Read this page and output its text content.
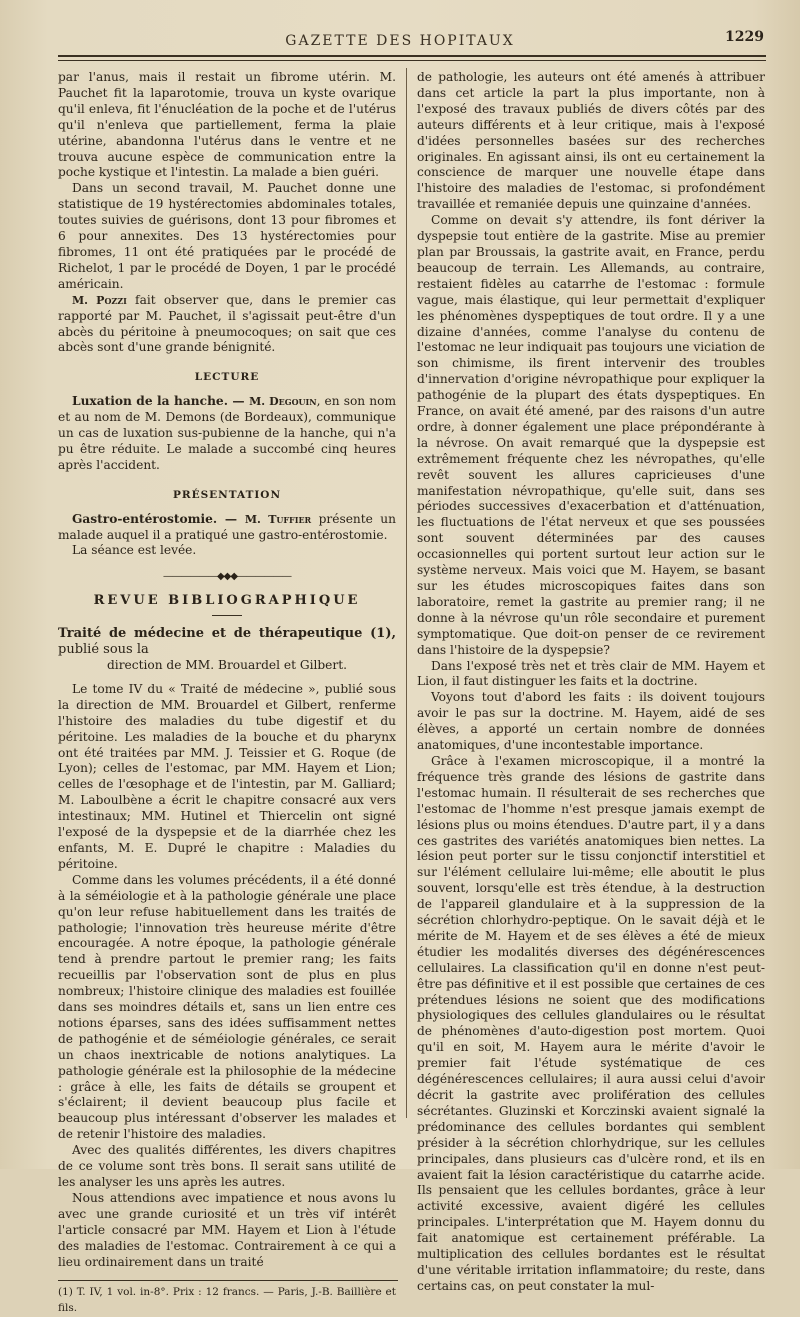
GAZETTE DES HOPITAUX	1229

par l'anus, mais il restait un fibrome utérin. M. Pauchet fit la laparotomie, trouva un kyste ovarique qu'il enleva, fit l'énucléation de la poche et de l'utérus qu'il n'enleva que partiellement, ferma la plaie utérine, abandonna l'utérus dans le ventre et ne trouva aucune espèce de communication entre la poche kystique et l'intestin. La malade a bien guéri.

Dans un second travail, M. Pauchet donne une statistique de 19 hystérectomies abdominales totales, toutes suivies de guérisons, dont 13 pour fibromes et 6 pour annexites. Des 13 hystérectomies pour fibromes, 11 ont été pratiquées par le procédé de Richelot, 1 par le procédé de Doyen, 1 par le procédé américain.

M. Pozzi fait observer que, dans le premier cas rapporté par M. Pauchet, il s'agissait peut-être d'un abcès du péritoine à pneumocoques; on sait que ces abcès sont d'une grande bénignité.

LECTURE

Luxation de la hanche. — M. Degouin, en son nom et au nom de M. Demons (de Bordeaux), communique un cas de luxation sus-pubienne de la hanche, qui n'a pu être réduite. Le malade a succombé cinq heures après l'accident.

PRÉSENTATION

Gastro-entérostomie. — M. Tuffier présente un malade auquel il a pratiqué une gastro-entérostomie.

La séance est levée.

——————◆◆◆——————
REVUE BIBLIOGRAPHIQUE

Traité de médecine et de thérapeutique (1), publié sous la

direction de MM. Brouardel et Gilbert.

Le tome IV du « Traité de médecine », publié sous la direction de MM. Brouardel et Gilbert, renferme l'histoire des maladies du tube digestif et du péritoine. Les maladies de la bouche et du pharynx ont été traitées par MM. J. Teissier et G. Roque (de Lyon); celles de l'estomac, par MM. Hayem et Lion; celles de l'œsophage et de l'intestin, par M. Galliard; M. Laboulbène a écrit le chapitre consacré aux vers intestinaux; MM. Hutinel et Thiercelin ont signé l'exposé de la dyspepsie et de la diarrhée chez les enfants, M. E. Dupré le chapitre : Maladies du péritoine.

Comme dans les volumes précédents, il a été donné à la séméiologie et à la pathologie générale une place qu'on leur refuse habituellement dans les traités de pathologie; l'innovation très heureuse mérite d'être encouragée. A notre époque, la pathologie générale tend à prendre partout le premier rang; les faits recueillis par l'observation sont de plus en plus nombreux; l'histoire clinique des maladies est fouillée dans ses moindres détails et, sans un lien entre ces notions éparses, sans des idées suffisamment nettes de pathogénie et de séméiologie générales, ce serait un chaos inextricable de notions analytiques. La pathologie générale est la philosophie de la médecine : grâce à elle, les faits de détails se groupent et s'éclairent; il devient beaucoup plus facile et beaucoup plus intéressant d'observer les malades et de retenir l'histoire des maladies.

Avec des qualités différentes, les divers chapitres de ce volume sont très bons. Il serait sans utilité de les analyser les uns après les autres.

Nous attendions avec impatience et nous avons lu avec une grande curiosité et un très vif intérêt l'article consacré par MM. Hayem et Lion à l'étude des maladies de l'estomac. Contrairement à ce qui a lieu ordinairement dans un traité

(1) T. IV, 1 vol. in-8°. Prix : 12 francs. — Paris, J.-B. Baillière et fils.

de pathologie, les auteurs ont été amenés à attribuer dans cet article la part la plus importante, non à l'exposé des travaux publiés de divers côtés par des auteurs différents et à leur critique, mais à l'exposé d'idées personnelles basées sur des recherches originales. En agissant ainsi, ils ont eu certainement la conscience de marquer une nouvelle étape dans l'histoire des maladies de l'estomac, si profondément travaillée et remaniée depuis une quinzaine d'années.

Comme on devait s'y attendre, ils font dériver la dyspepsie tout entière de la gastrite. Mise au premier plan par Broussais, la gastrite avait, en France, perdu beaucoup de terrain. Les Allemands, au contraire, restaient fidèles au catarrhe de l'estomac : formule vague, mais élastique, qui leur permettait d'expliquer les phénomènes dyspeptiques de tout ordre. Il y a une dizaine d'années, comme l'analyse du contenu de l'estomac ne leur indiquait pas toujours une viciation de son chimisme, ils firent intervenir des troubles d'innervation d'origine névropathique pour expliquer la pathogénie de la plupart des états dyspeptiques. En France, on avait été amené, par des raisons d'un autre ordre, à donner également une place prépondérante à la névrose. On avait remarqué que la dyspepsie est extrêmement fréquente chez les névropathes, qu'elle revêt souvent les allures capricieuses d'une manifestation névropathique, qu'elle suit, dans ses périodes successives d'exacerbation et d'atténuation, les fluctuations de l'état nerveux et que ses poussées sont souvent déterminées par des causes occasionnelles qui portent surtout leur action sur le système nerveux. Mais voici que M. Hayem, se basant sur les études microscopiques faites dans son laboratoire, remet la gastrite au premier rang; il ne donne à la névrose qu'un rôle secondaire et purement symptomatique. Que doit-on penser de ce revirement dans l'histoire de la dyspepsie?

Dans l'exposé très net et très clair de MM. Hayem et Lion, il faut distinguer les faits et la doctrine.

Voyons tout d'abord les faits : ils doivent toujours avoir le pas sur la doctrine. M. Hayem, aidé de ses élèves, a apporté un certain nombre de données anatomiques, d'une incontestable importance.

Grâce à l'examen microscopique, il a montré la fréquence très grande des lésions de gastrite dans l'estomac humain. Il résulterait de ses recherches que l'estomac de l'homme n'est presque jamais exempt de lésions plus ou moins étendues. D'autre part, il y a dans ces gastrites des variétés anatomiques bien nettes. La lésion peut porter sur le tissu conjonctif interstitiel et sur l'élément cellulaire lui-même; elle aboutit le plus souvent, lorsqu'elle est très étendue, à la destruction de l'appareil glandulaire et à la suppression de la sécrétion chlorhydro-peptique. On le savait déjà et le mérite de M. Hayem et de ses élèves a été de mieux étudier les modalités diverses des dégénérescences cellulaires. La classification qu'il en donne n'est peut-être pas définitive et il est possible que certaines de ces prétendues lésions ne soient que des modifications physiologiques des cellules glandulaires ou le résultat de phénomènes d'auto-digestion post mortem. Quoi qu'il en soit, M. Hayem aura le mérite d'avoir le premier fait l'étude systématique de ces dégénérescences cellulaires; il aura aussi celui d'avoir décrit la gastrite avec prolifération des cellules sécrétantes. Gluzinski et Korczinski avaient signalé la prédominance des cellules bordantes qui semblent présider à la sécrétion chlorhydrique, sur les cellules principales, dans plusieurs cas d'ulcère rond, et ils en avaient fait la lésion caractéristique du catarrhe acide. Ils pensaient que les cellules bordantes, grâce à leur activité excessive, avaient digéré les cellules principales. L'interprétation que M. Hayem donnu du fait anatomique est certainement préférable. La multiplication des cellules bordantes est le résultat d'une véritable irritation inflammatoire; du reste, dans certains cas, on peut constater la mul-
